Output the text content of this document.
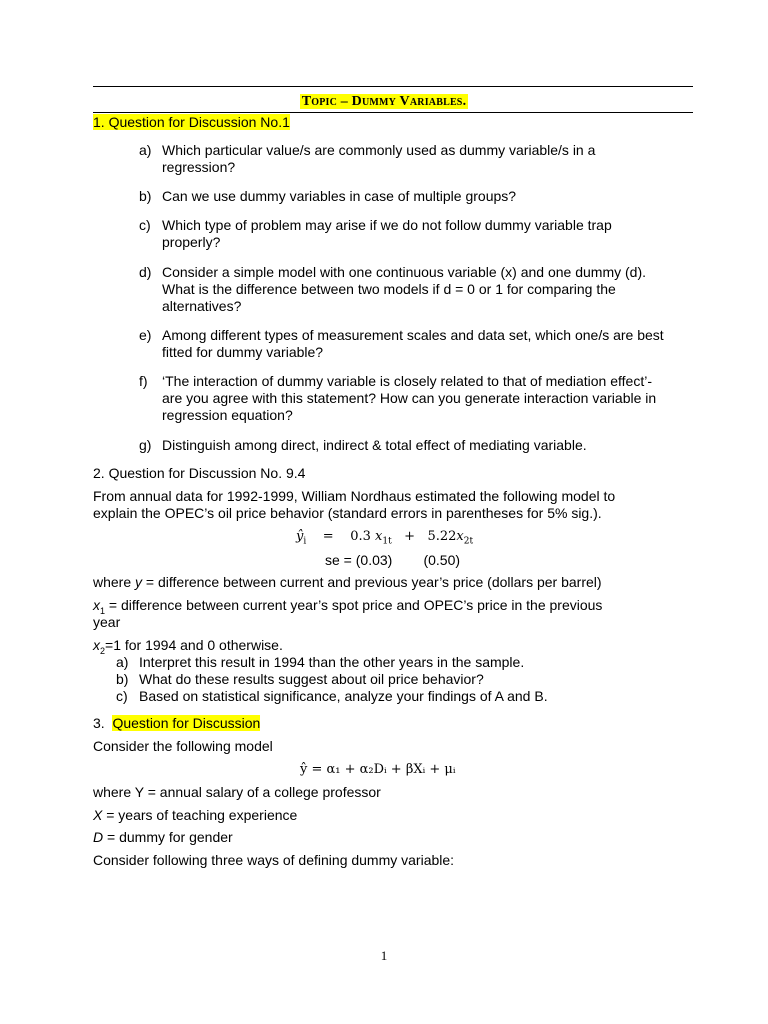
Topic – Dummy Variables.
1. Question for Discussion No.1
a) Which particular value/s are commonly used as dummy variable/s in a regression?
b) Can we use dummy variables in case of multiple groups?
c) Which type of problem may arise if we do not follow dummy variable trap properly?
d) Consider a simple model with one continuous variable (x) and one dummy (d). What is the difference between two models if d = 0 or 1 for comparing the alternatives?
e) Among different types of measurement scales and data set, which one/s are best fitted for dummy variable?
f) ‘The interaction of dummy variable is closely related to that of mediation effect’- are you agree with this statement? How can you generate interaction variable in regression equation?
g) Distinguish among direct, indirect & total effect of mediating variable.
2. Question for Discussion No. 9.4
From annual data for 1992-1999, William Nordhaus estimated the following model to
explain the OPEC’s oil price behavior (standard errors in parentheses for 5% sig.).
$ŷ_i = 0.3$ $x_{1t} + 5.22x_{2t}$
se = (0.03) (0.50)
where y = difference between current and previous year’s price (dollars per barrel)
$x_1$ = difference between current year’s spot price and OPEC’s price in the previous
year
$x_2=1$ for 1994 and 0 otherwise.
a) Interpret this result in 1994 than the other years in the sample.
b) What do these results suggest about oil price behavior?
c) Based on statistical significance, analyze your findings of A and B.
3. Question for Discussion
Consider the following model
ŷ = α₁ + α₂Dᵢ + βXᵢ + μᵢ
where Y = annual salary of a college professor
X = years of teaching experience
D = dummy for gender
Consider following three ways of defining dummy variable:
1
